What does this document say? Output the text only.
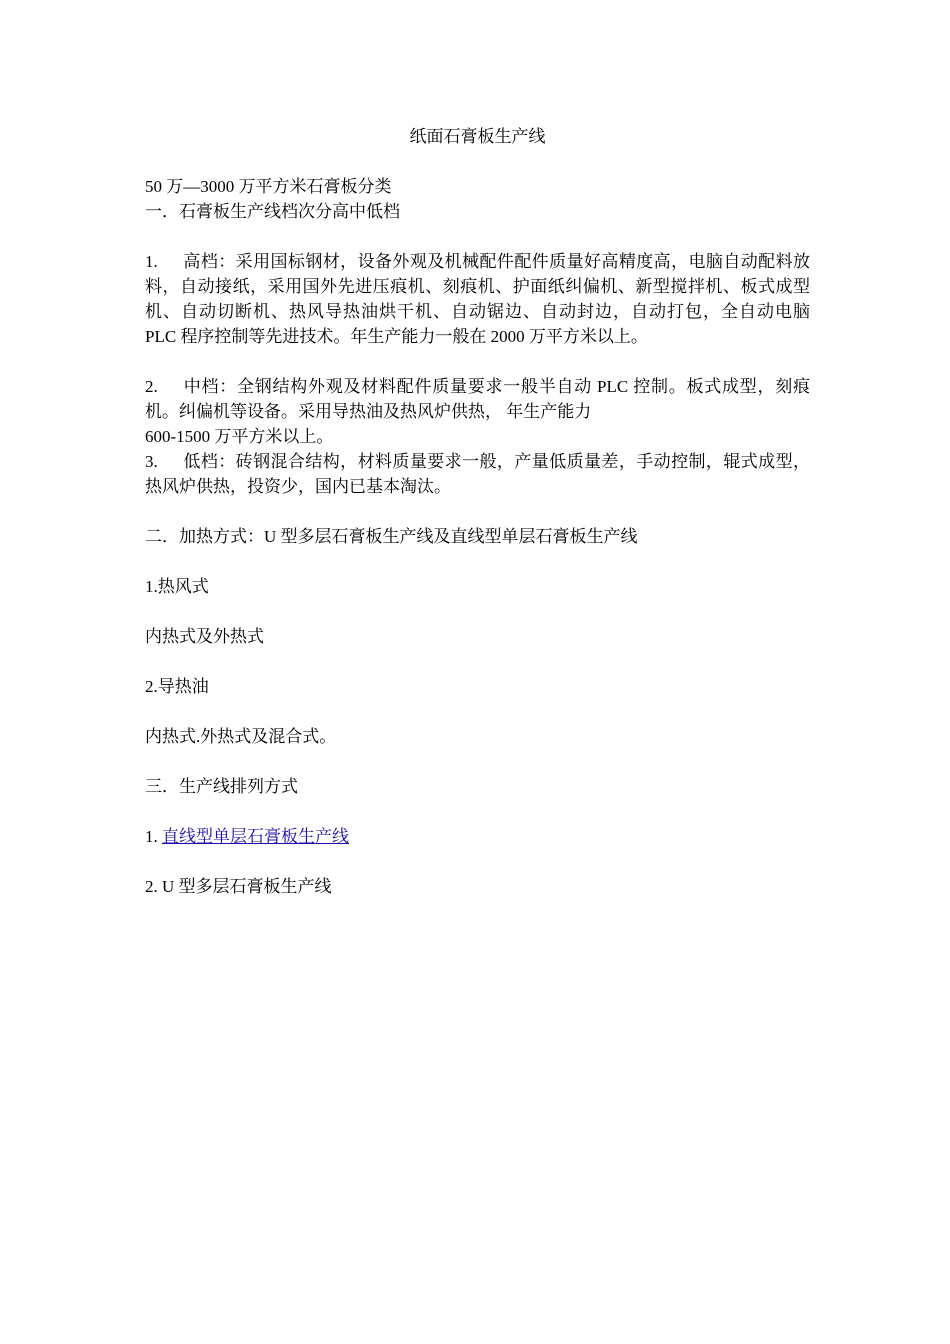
纸面石膏板生产线

50 万—3000 万平方米石膏板分类

一．石膏板生产线档次分高中低档

1. 高档：采用国标钢材，设备外观及机械配件配件质量好高精度高，电脑自动配料放料，自动接纸，采用国外先进压痕机、刻痕机、护面纸纠偏机、新型搅拌机、板式成型机、自动切断机、热风导热油烘干机、自动锯边、自动封边，自动打包，全自动电脑　 PLC 程序控制等先进技术。年生产能力一般在 2000 万平方米以上。

2. 中档：全钢结构外观及材料配件质量要求一般半自动 PLC 控制。板式成型，刻痕机。纠偏机等设备。采用导热油及热风炉供热， 年生产能力

600-1500 万平方米以上。

3. 低档：砖钢混合结构，材料质量要求一般，产量低质量差，手动控制，辊式成型，热风炉供热，投资少，国内已基本淘汰。

二．加热方式：U 型多层石膏板生产线及直线型单层石膏板生产线

1.热风式

内热式及外热式

2.导热油

内热式.外热式及混合式。

三．生产线排列方式

1. 直线型单层石膏板生产线

2. U 型多层石膏板生产线
